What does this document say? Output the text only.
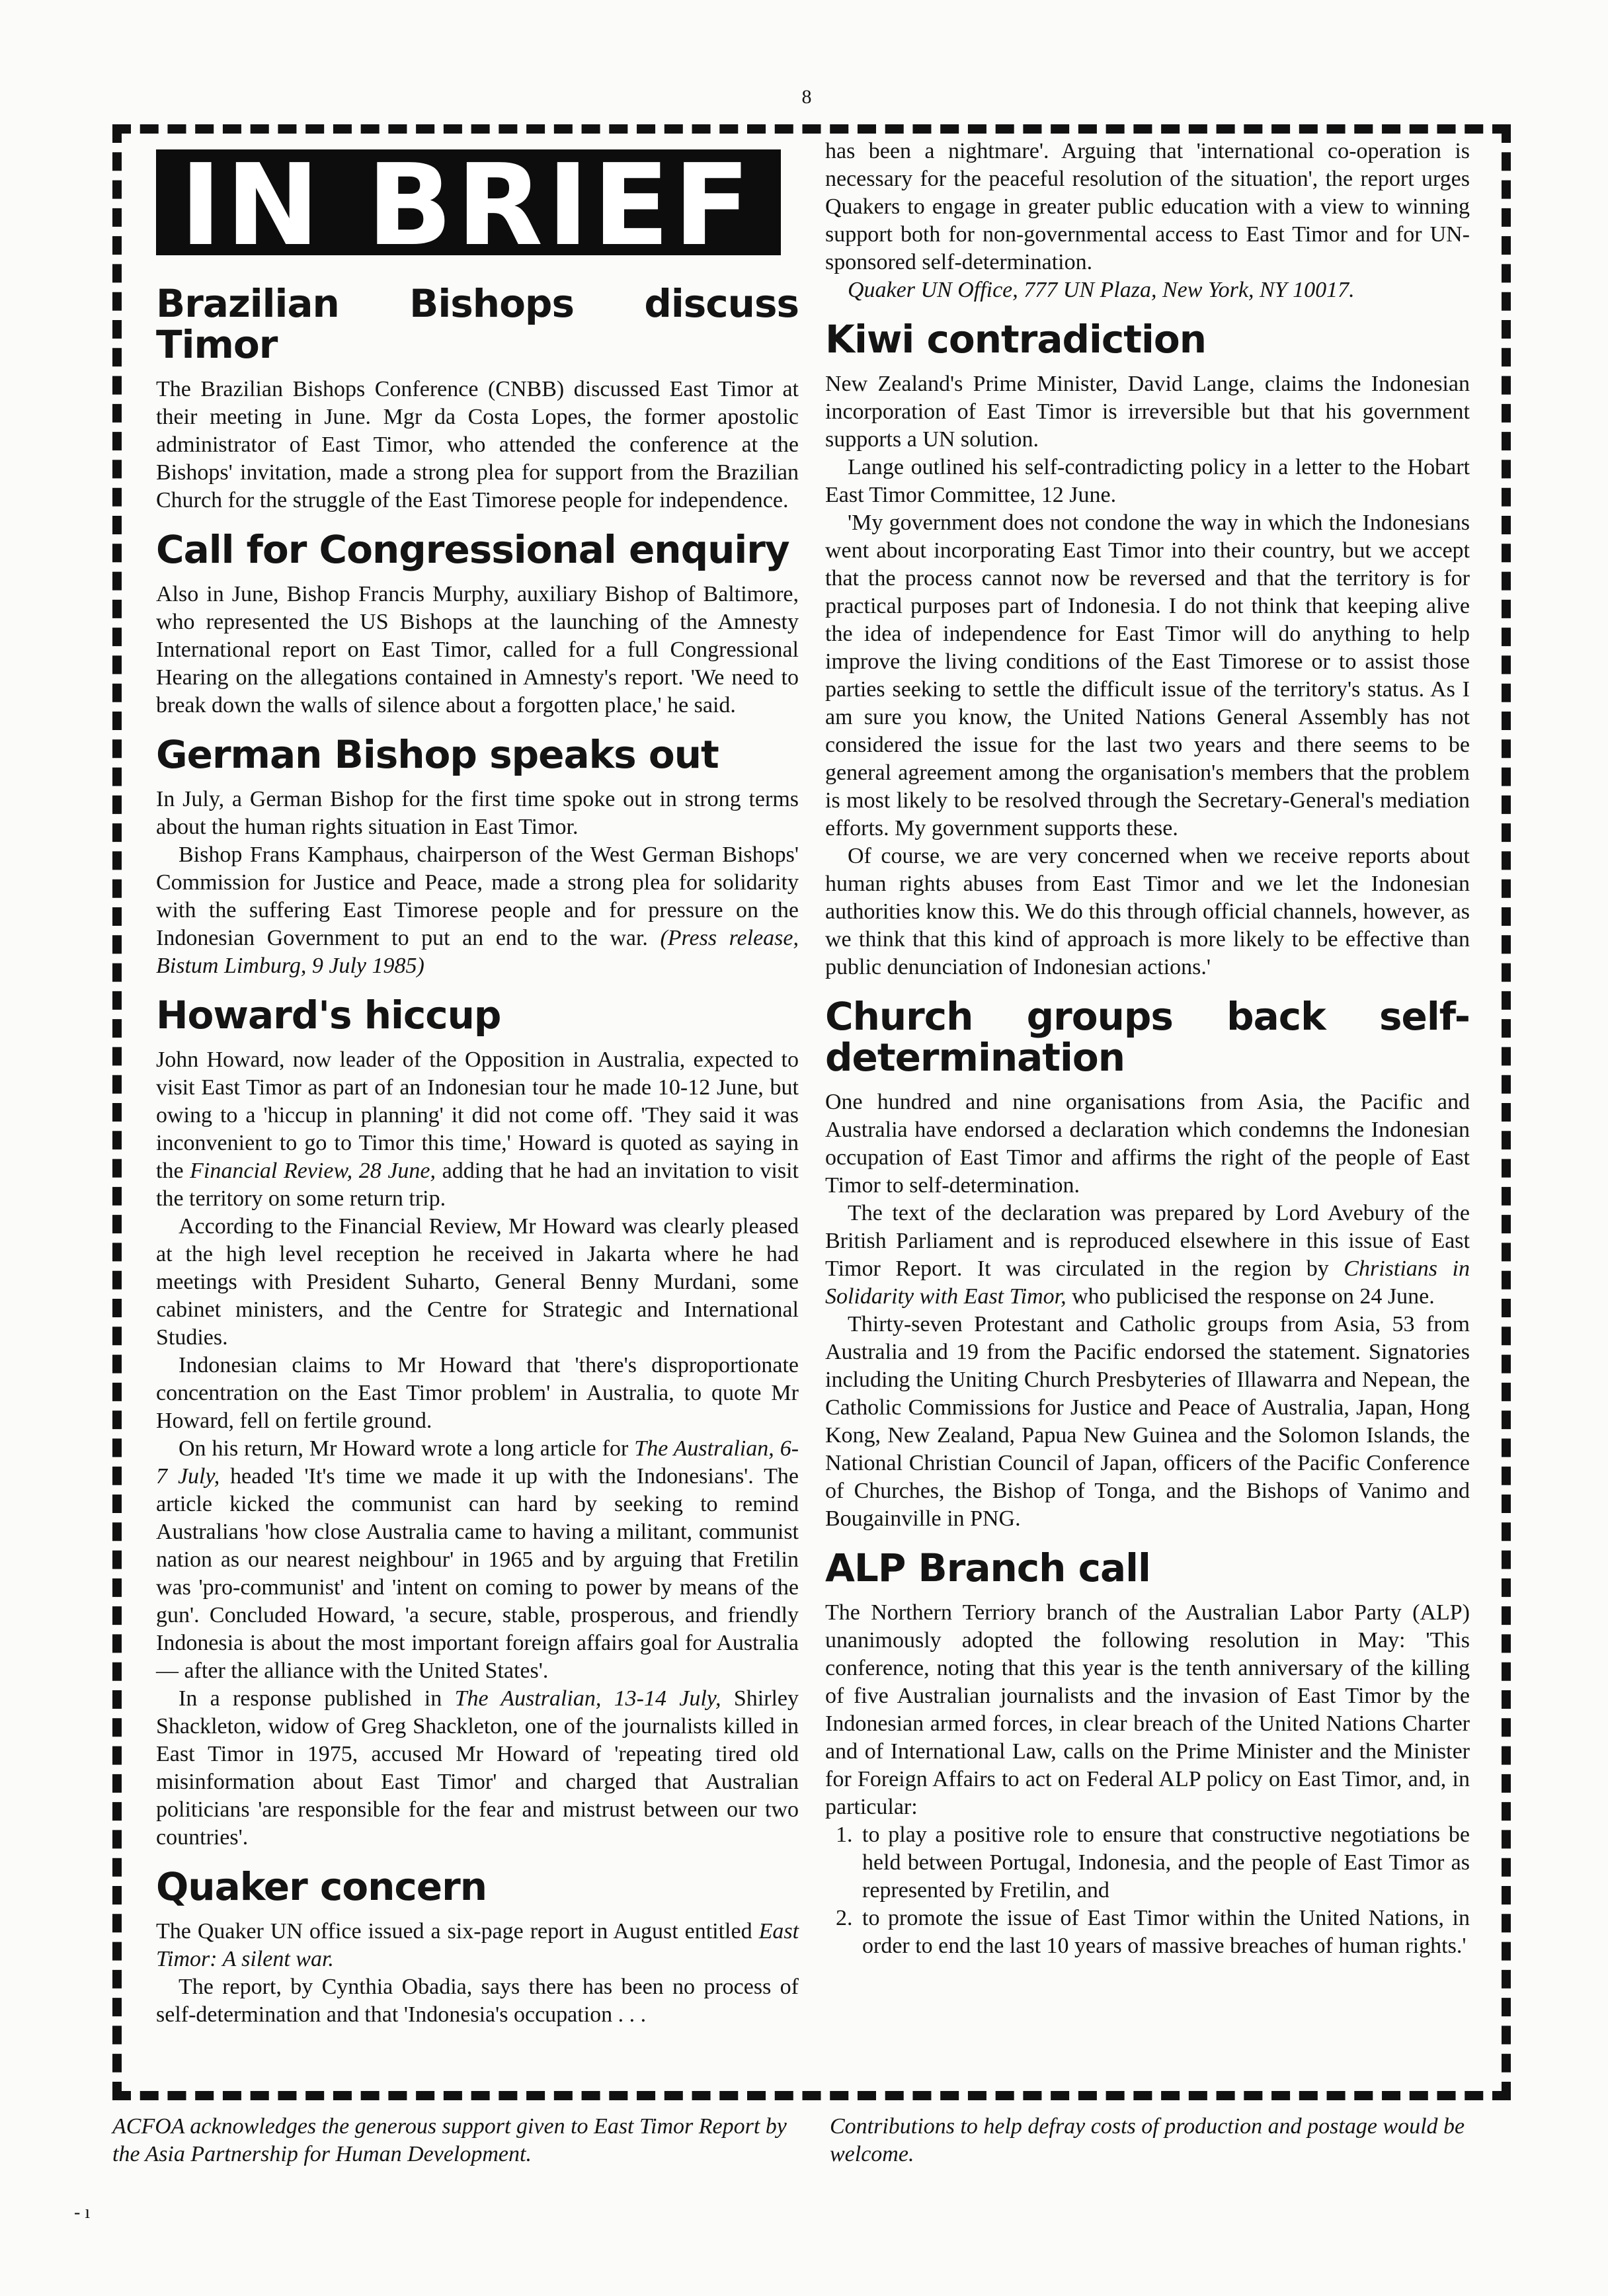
8
IN BRIEF
Brazilian Bishops discuss Timor

The Brazilian Bishops Conference (CNBB) discussed East Timor at their meeting in June. Mgr da Costa Lopes, the former apostolic administrator of East Timor, who attended the conference at the Bishops' invitation, made a strong plea for support from the Brazilian Church for the struggle of the East Timorese people for independence.

Call for Congressional enquiry

Also in June, Bishop Francis Murphy, auxiliary Bishop of Baltimore, who represented the US Bishops at the launching of the Amnesty International report on East Timor, called for a full Congressional Hearing on the allegations contained in Amnesty's report. 'We need to break down the walls of silence about a forgotten place,' he said.

German Bishop speaks out

In July, a German Bishop for the first time spoke out in strong terms about the human rights situation in East Timor.

Bishop Frans Kamphaus, chairperson of the West German Bishops' Commission for Justice and Peace, made a strong plea for solidarity with the suffering East Timorese people and for pressure on the Indonesian Government to put an end to the war. (Press release, Bistum Limburg, 9 July 1985)

Howard's hiccup

John Howard, now leader of the Opposition in Australia, expected to visit East Timor as part of an Indonesian tour he made 10-12 June, but owing to a 'hiccup in planning' it did not come off. 'They said it was inconvenient to go to Timor this time,' Howard is quoted as saying in the Financial Review, 28 June, adding that he had an invitation to visit the territory on some return trip.

According to the Financial Review, Mr Howard was clearly pleased at the high level reception he received in Jakarta where he had meetings with President Suharto, General Benny Murdani, some cabinet ministers, and the Centre for Strategic and International Studies.

Indonesian claims to Mr Howard that 'there's disproportionate concentration on the East Timor problem' in Australia, to quote Mr Howard, fell on fertile ground.

On his return, Mr Howard wrote a long article for The Australian, 6-7 July, headed 'It's time we made it up with the Indonesians'. The article kicked the communist can hard by seeking to remind Australians 'how close Australia came to having a militant, communist nation as our nearest neighbour' in 1965 and by arguing that Fretilin was 'pro-communist' and 'intent on coming to power by means of the gun'. Concluded Howard, 'a secure, stable, prosperous, and friendly Indonesia is about the most important foreign affairs goal for Australia — after the alliance with the United States'.

In a response published in The Australian, 13-14 July, Shirley Shackleton, widow of Greg Shackleton, one of the journalists killed in East Timor in 1975, accused Mr Howard of 'repeating tired old misinformation about East Timor' and charged that Australian politicians 'are responsible for the fear and mistrust between our two countries'.

Quaker concern

The Quaker UN office issued a six-page report in August entitled East Timor: A silent war.

The report, by Cynthia Obadia, says there has been no process of self-determination and that 'Indonesia's occupation . . .

has been a nightmare'. Arguing that 'international co-operation is necessary for the peaceful resolution of the situation', the report urges Quakers to engage in greater public education with a view to winning support both for non-governmental access to East Timor and for UN-sponsored self-determination.

Quaker UN Office, 777 UN Plaza, New York, NY 10017.

Kiwi contradiction

New Zealand's Prime Minister, David Lange, claims the Indonesian incorporation of East Timor is irreversible but that his government supports a UN solution.

Lange outlined his self-contradicting policy in a letter to the Hobart East Timor Committee, 12 June.

'My government does not condone the way in which the Indonesians went about incorporating East Timor into their country, but we accept that the process cannot now be reversed and that the territory is for practical purposes part of Indonesia. I do not think that keeping alive the idea of independence for East Timor will do anything to help improve the living conditions of the East Timorese or to assist those parties seeking to settle the difficult issue of the territory's status. As I am sure you know, the United Nations General Assembly has not considered the issue for the last two years and there seems to be general agreement among the organisation's members that the problem is most likely to be resolved through the Secretary-General's mediation efforts. My government supports these.

Of course, we are very concerned when we receive reports about human rights abuses from East Timor and we let the Indonesian authorities know this. We do this through official channels, however, as we think that this kind of approach is more likely to be effective than public denunciation of Indonesian actions.'

Church groups back self-determination

One hundred and nine organisations from Asia, the Pacific and Australia have endorsed a declaration which condemns the Indonesian occupation of East Timor and affirms the right of the people of East Timor to self-determination.

The text of the declaration was prepared by Lord Avebury of the British Parliament and is reproduced elsewhere in this issue of East Timor Report. It was circulated in the region by Christians in Solidarity with East Timor, who publicised the response on 24 June.

Thirty-seven Protestant and Catholic groups from Asia, 53 from Australia and 19 from the Pacific endorsed the statement. Signatories including the Uniting Church Presbyteries of Illawarra and Nepean, the Catholic Commissions for Justice and Peace of Australia, Japan, Hong Kong, New Zealand, Papua New Guinea and the Solomon Islands, the National Christian Council of Japan, officers of the Pacific Conference of Churches, the Bishop of Tonga, and the Bishops of Vanimo and Bougainville in PNG.

ALP Branch call

The Northern Terriory branch of the Australian Labor Party (ALP) unanimously adopted the following resolution in May: 'This conference, noting that this year is the tenth anniversary of the killing of five Australian journalists and the invasion of East Timor by the Indonesian armed forces, in clear breach of the United Nations Charter and of International Law, calls on the Prime Minister and the Minister for Foreign Affairs to act on Federal ALP policy on East Timor, and, in particular:

1. to play a positive role to ensure that constructive negotiations be held between Portugal, Indonesia, and the people of East Timor as represented by Fretilin, and
2. to promote the issue of East Timor within the United Nations, in order to end the last 10 years of massive breaches of human rights.'
ACFOA acknowledges the generous support given to East Timor Report by the Asia Partnership for Human Development.
Contributions to help defray costs of production and postage would be welcome.
- ı
